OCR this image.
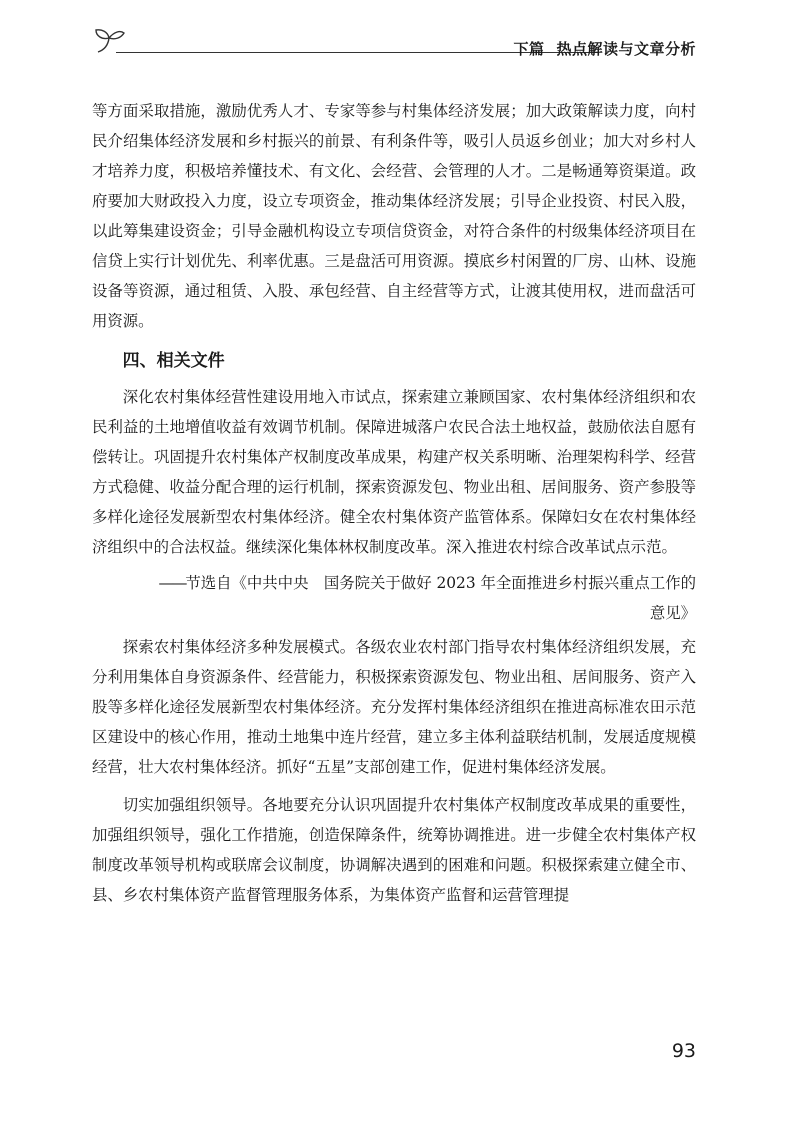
下篇 热点解读与文章分析

等方面采取措施，激励优秀人才、专家等参与村集体经济发展；加大政策解读力度，向村民介绍集体经济发展和乡村振兴的前景、有利条件等，吸引人员返乡创业；加大对乡村人才培养力度，积极培养懂技术、有文化、会经营、会管理的人才。二是畅通筹资渠道。政府要加大财政投入力度，设立专项资金，推动集体经济发展；引导企业投资、村民入股，以此筹集建设资金；引导金融机构设立专项信贷资金，对符合条件的村级集体经济项目在信贷上实行计划优先、利率优惠。三是盘活可用资源。摸底乡村闲置的厂房、山林、设施设备等资源，通过租赁、入股、承包经营、自主经营等方式，让渡其使用权，进而盘活可用资源。

四、相关文件

深化农村集体经营性建设用地入市试点，探索建立兼顾国家、农村集体经济组织和农民利益的土地增值收益有效调节机制。保障进城落户农民合法土地权益，鼓励依法自愿有偿转让。巩固提升农村集体产权制度改革成果，构建产权关系明晰、治理架构科学、经营方式稳健、收益分配合理的运行机制，探索资源发包、物业出租、居间服务、资产参股等多样化途径发展新型农村集体经济。健全农村集体资产监管体系。保障妇女在农村集体经济组织中的合法权益。继续深化集体林权制度改革。深入推进农村综合改革试点示范。

——节选自《中共中央　国务院关于做好 2023 年全面推进乡村振兴重点工作的
意见》

探索农村集体经济多种发展模式。各级农业农村部门指导农村集体经济组织发展，充分利用集体自身资源条件、经营能力，积极探索资源发包、物业出租、居间服务、资产入股等多样化途径发展新型农村集体经济。充分发挥村集体经济组织在推进高标准农田示范区建设中的核心作用，推动土地集中连片经营，建立多主体利益联结机制，发展适度规模经营，壮大农村集体经济。抓好“五星”支部创建工作，促进村集体经济发展。

切实加强组织领导。各地要充分认识巩固提升农村集体产权制度改革成果的重要性，加强组织领导，强化工作措施，创造保障条件，统筹协调推进。进一步健全农村集体产权制度改革领导机构或联席会议制度，协调解决遇到的困难和问题。积极探索建立健全市、县、乡农村集体资产监督管理服务体系，为集体资产监督和运营管理提

93
